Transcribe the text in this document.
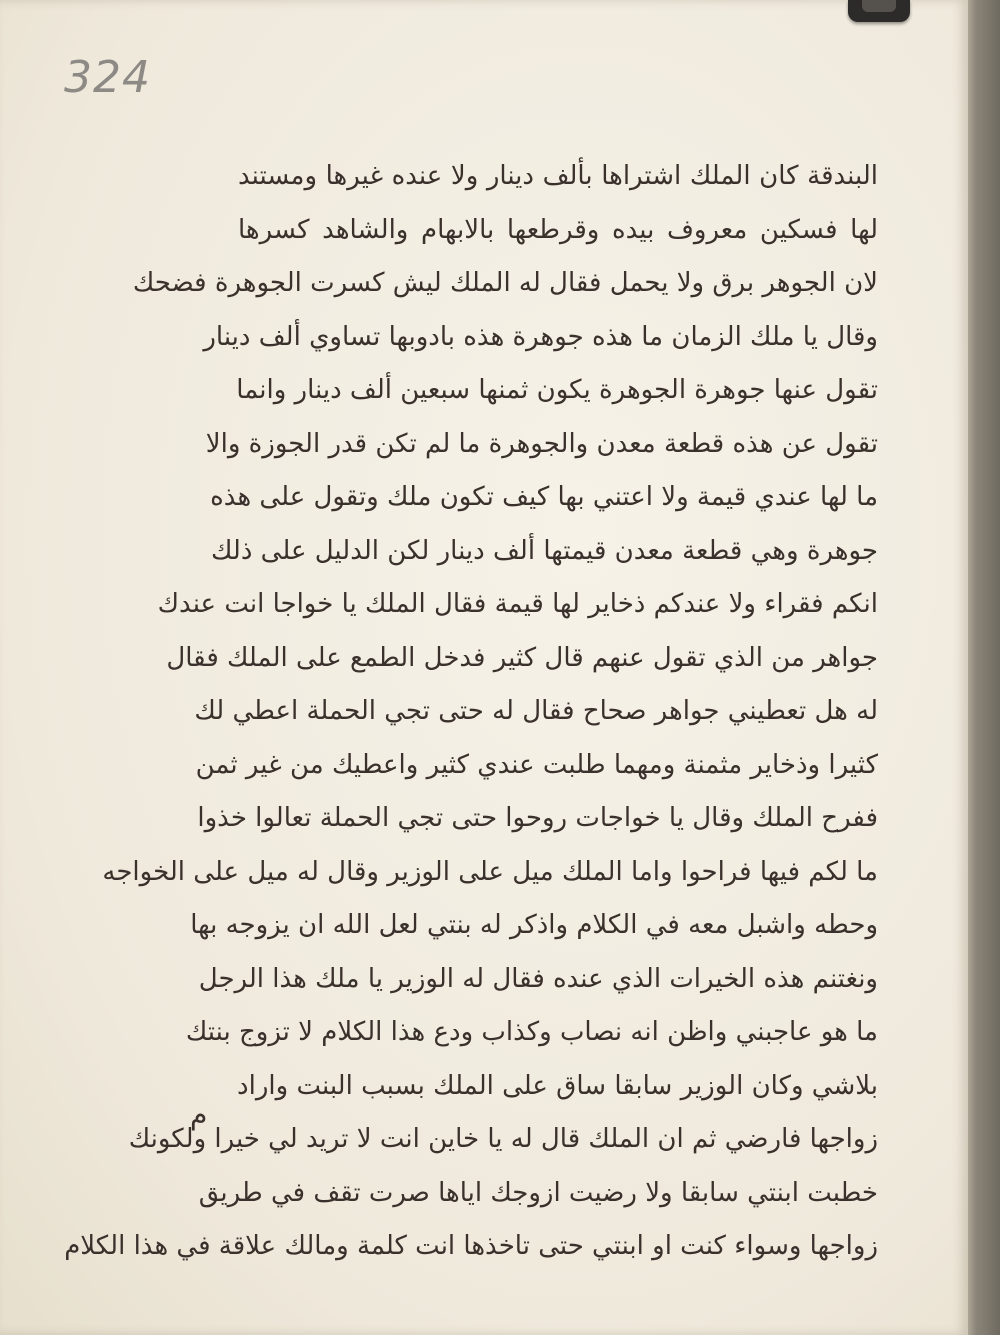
324
البندقة كان الملك اشتراها بألف دينار ولا عنده غيرها ومستند
لها فسكين معروف بيده وقرطعها بالابهام والشاهد كسرها
لان الجوهر برق ولا يحمل فقال له الملك ليش كسرت الجوهرة فضحك
وقال يا ملك الزمان ما هذه جوهرة هذه بادوبها تساوي ألف دينار
تقول عنها جوهرة الجوهرة يكون ثمنها سبعين ألف دينار وانما
تقول عن هذه قطعة معدن والجوهرة ما لم تكن قدر الجوزة والا
ما لها عندي قيمة ولا اعتني بها كيف تكون ملك وتقول على هذه
جوهرة وهي قطعة معدن قيمتها ألف دينار لكن الدليل على ذلك
انكم فقراء ولا عندكم ذخاير لها قيمة فقال الملك يا خواجا انت عندك
جواهر من الذي تقول عنهم قال كثير فدخل الطمع على الملك فقال
له هل تعطيني جواهر صحاح فقال له حتى تجي الحملة اعطي لك
كثيرا وذخاير مثمنة ومهما طلبت عندي كثير واعطيك من غير ثمن
ففرح الملك وقال يا خواجات روحوا حتى تجي الحملة تعالوا خذوا
ما لكم فيها فراحوا واما الملك ميل على الوزير وقال له ميل على الخواجه
وحطه واشبل معه في الكلام واذكر له بنتي لعل الله ان يزوجه بها
ونغتنم هذه الخيرات الذي عنده فقال له الوزير يا ملك هذا الرجل
ما هو عاجبني واظن انه نصاب وكذاب ودع هذا الكلام لا تزوج بنتك
بلاشي وكان الوزير سابقا ساق على الملك بسبب البنت واراد
زواجها فارضي ثم ان الملك قال له يا خاين انت لا تريد لي خيرا ولكونك
خطبت ابنتي سابقا ولا رضيت ازوجك اياها صرت تقف في طريق
زواجها وسواء كنت او ابنتي حتى تاخذها انت كلمة ومالك علاقة في هذا الكلام
م
